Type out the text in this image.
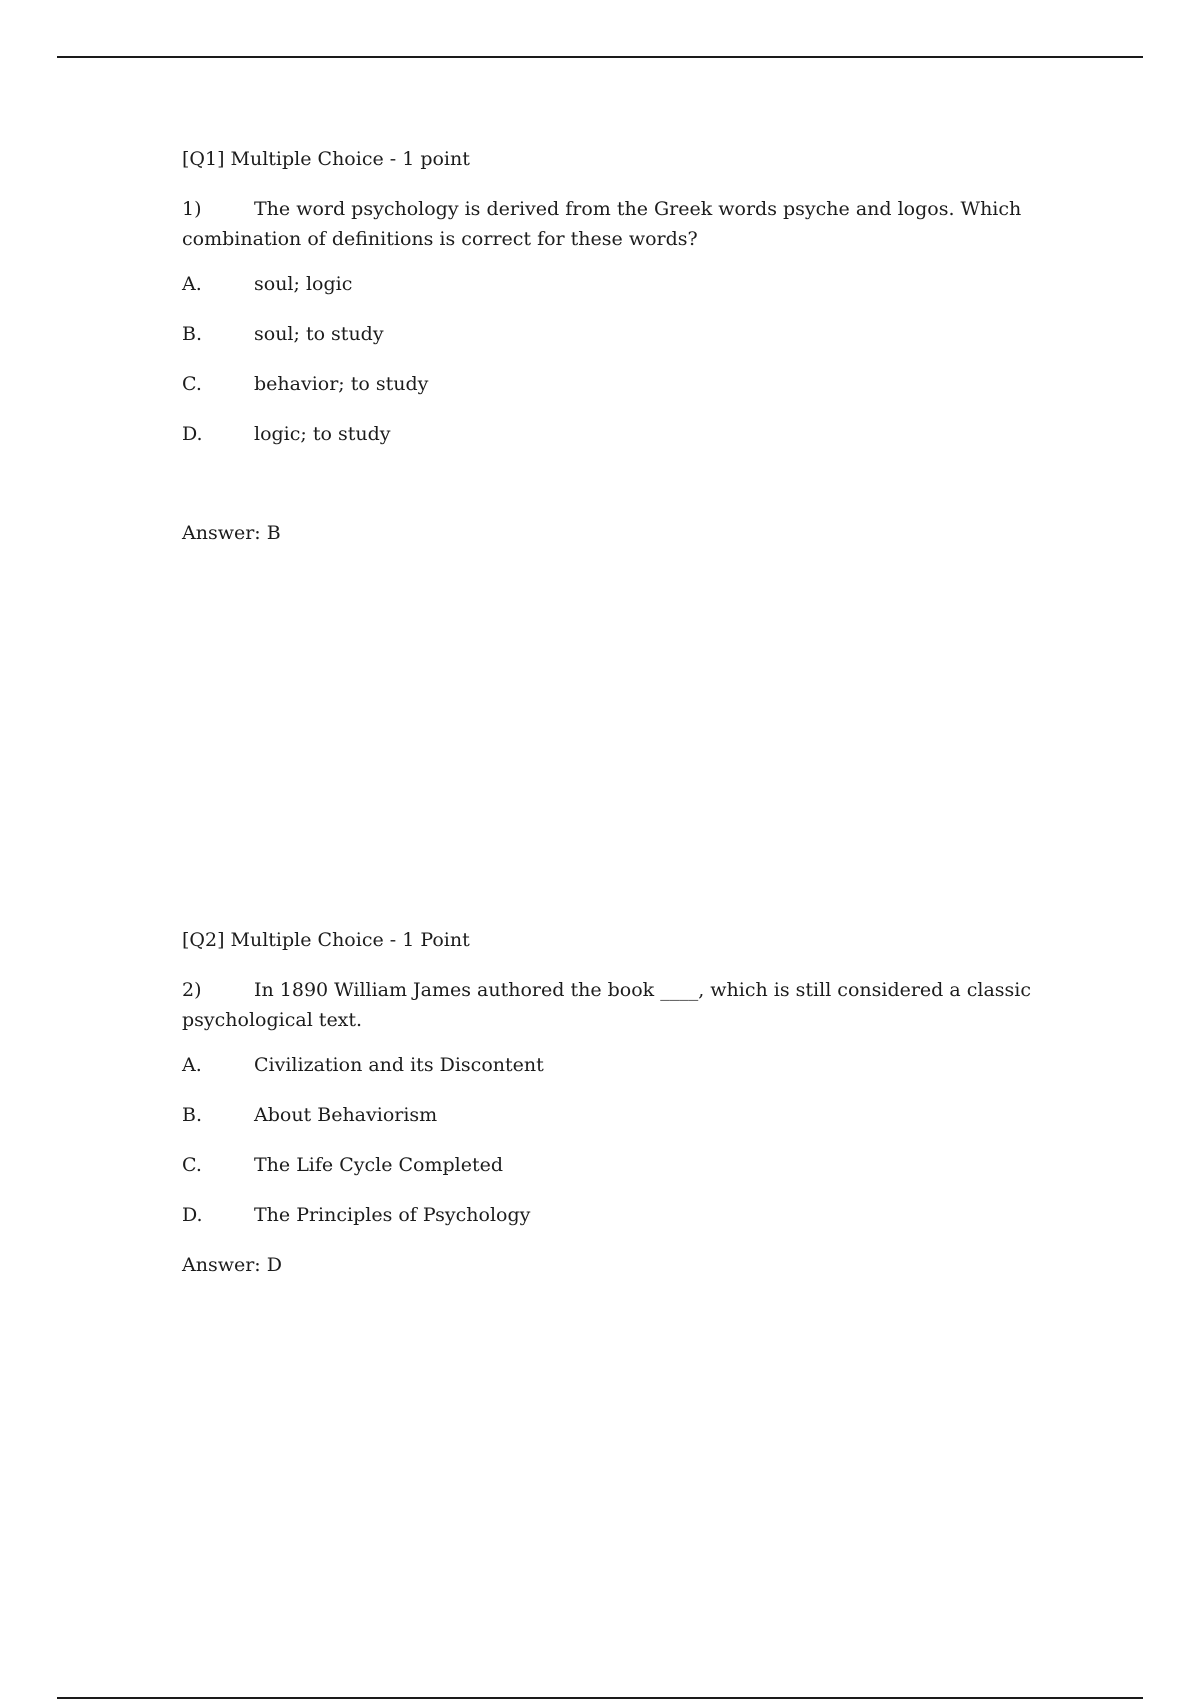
[Q1] Multiple Choice - 1 point
1)	The word psychology is derived from the Greek words psyche and logos. Which combination of definitions is correct for these words?
A.	soul; logic
B.	soul; to study
C.	behavior; to study
D.	logic; to study
Answer: B
[Q2] Multiple Choice - 1 Point
2)	In 1890 William James authored the book ____, which is still considered a classic psychological text.
A.	Civilization and its Discontent
B.	About Behaviorism
C.	The Life Cycle Completed
D.	The Principles of Psychology
Answer: D
